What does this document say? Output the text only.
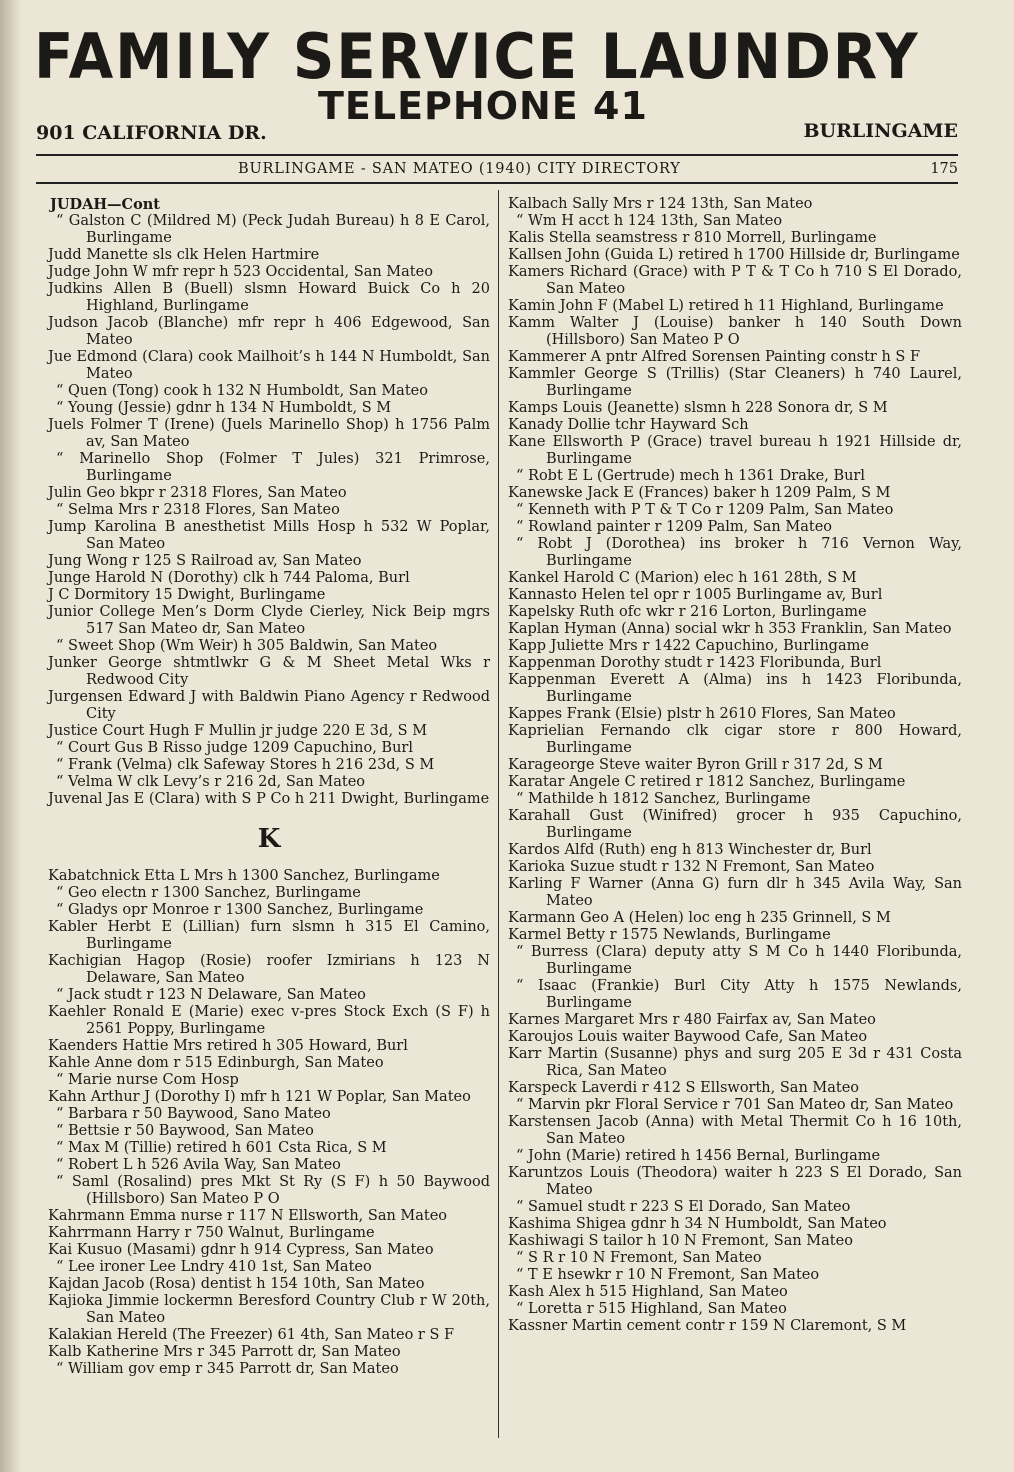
FAMILY SERVICE LAUNDRY
TELEPHONE 41
901 CALIFORNIA DR.	BURLINGAME
BURLINGAME - SAN MATEO (1940) CITY DIRECTORY	175
JUDAH—Cont
“ Galston C (Mildred M) (Peck Judah Bureau) h 8 E Carol, Burlingame
Judd Manette sls clk Helen Hartmire
Judge John W mfr repr h 523 Occidental, San Mateo
Judkins Allen B (Buell) slsmn Howard Buick Co h 20 Highland, Burlingame
Judson Jacob (Blanche) mfr repr h 406 Edgewood, San Mateo
Jue Edmond (Clara) cook Mailhoit’s h 144 N Humboldt, San Mateo
“ Quen (Tong) cook h 132 N Humboldt, San Mateo
“ Young (Jessie) gdnr h 134 N Humboldt, S M
Juels Folmer T (Irene) (Juels Marinello Shop) h 1756 Palm av, San Mateo
“ Marinello Shop (Folmer T Jules) 321 Primrose, Burlingame
Julin Geo bkpr r 2318 Flores, San Mateo
“ Selma Mrs r 2318 Flores, San Mateo
Jump Karolina B anesthetist Mills Hosp h 532 W Poplar, San Mateo
Jung Wong r 125 S Railroad av, San Mateo
Junge Harold N (Dorothy) clk h 744 Paloma, Burl
J C Dormitory 15 Dwight, Burlingame
Junior College Men’s Dorm Clyde Cierley, Nick Beip mgrs 517 San Mateo dr, San Mateo
“ Sweet Shop (Wm Weir) h 305 Baldwin, San Mateo
Junker George shtmtlwkr G & M Sheet Metal Wks r Redwood City
Jurgensen Edward J with Baldwin Piano Agency r Redwood City
Justice Court Hugh F Mullin jr judge 220 E 3d, S M
“ Court Gus B Risso judge 1209 Capuchino, Burl
“ Frank (Velma) clk Safeway Stores h 216 23d, S M
“ Velma W clk Levy’s r 216 2d, San Mateo
Juvenal Jas E (Clara) with S P Co h 211 Dwight, Burlingame
K
Kabatchnick Etta L Mrs h 1300 Sanchez, Burlingame
“ Geo electn r 1300 Sanchez, Burlingame
“ Gladys opr Monroe r 1300 Sanchez, Burlingame
Kabler Herbt E (Lillian) furn slsmn h 315 El Camino, Burlingame
Kachigian Hagop (Rosie) roofer Izmirians h 123 N Delaware, San Mateo
“ Jack studt r 123 N Delaware, San Mateo
Kaehler Ronald E (Marie) exec v-pres Stock Exch (S F) h 2561 Poppy, Burlingame
Kaenders Hattie Mrs retired h 305 Howard, Burl
Kahle Anne dom r 515 Edinburgh, San Mateo
“ Marie nurse Com Hosp
Kahn Arthur J (Dorothy I) mfr h 121 W Poplar, San Mateo
“ Barbara r 50 Baywood, Sano Mateo
“ Bettsie r 50 Baywood, San Mateo
“ Max M (Tillie) retired h 601 Csta Rica, S M
“ Robert L h 526 Avila Way, San Mateo
“ Saml (Rosalind) pres Mkt St Ry (S F) h 50 Baywood (Hillsboro) San Mateo P O
Kahrmann Emma nurse r 117 N Ellsworth, San Mateo
Kahrrmann Harry r 750 Walnut, Burlingame
Kai Kusuo (Masami) gdnr h 914 Cypress, San Mateo
“ Lee ironer Lee Lndry 410 1st, San Mateo
Kajdan Jacob (Rosa) dentist h 154 10th, San Mateo
Kajioka Jimmie lockermn Beresford Country Club r W 20th, San Mateo
Kalakian Hereld (The Freezer) 61 4th, San Mateo r S F
Kalb Katherine Mrs r 345 Parrott dr, San Mateo
“ William gov emp r 345 Parrott dr, San Mateo
Kalbach Sally Mrs r 124 13th, San Mateo
“ Wm H acct h 124 13th, San Mateo
Kalis Stella seamstress r 810 Morrell, Burlingame
Kallsen John (Guida L) retired h 1700 Hillside dr, Burlingame
Kamers Richard (Grace) with P T & T Co h 710 S El Dorado, San Mateo
Kamin John F (Mabel L) retired h 11 Highland, Burlingame
Kamm Walter J (Louise) banker h 140 South Down (Hillsboro) San Mateo P O
Kammerer A pntr Alfred Sorensen Painting constr h S F
Kammler George S (Trillis) (Star Cleaners) h 740 Laurel, Burlingame
Kamps Louis (Jeanette) slsmn h 228 Sonora dr, S M
Kanady Dollie tchr Hayward Sch
Kane Ellsworth P (Grace) travel bureau h 1921 Hillside dr, Burlingame
“ Robt E L (Gertrude) mech h 1361 Drake, Burl
Kanewske Jack E (Frances) baker h 1209 Palm, S M
“ Kenneth with P T & T Co r 1209 Palm, San Mateo
“ Rowland painter r 1209 Palm, San Mateo
“ Robt J (Dorothea) ins broker h 716 Vernon Way, Burlingame
Kankel Harold C (Marion) elec h 161 28th, S M
Kannasto Helen tel opr r 1005 Burlingame av, Burl
Kapelsky Ruth ofc wkr r 216 Lorton, Burlingame
Kaplan Hyman (Anna) social wkr h 353 Franklin, San Mateo
Kapp Juliette Mrs r 1422 Capuchino, Burlingame
Kappenman Dorothy studt r 1423 Floribunda, Burl
Kappenman Everett A (Alma) ins h 1423 Floribunda, Burlingame
Kappes Frank (Elsie) plstr h 2610 Flores, San Mateo
Kaprielian Fernando clk cigar store r 800 Howard, Burlingame
Karageorge Steve waiter Byron Grill r 317 2d, S M
Karatar Angele C retired r 1812 Sanchez, Burlingame
“ Mathilde h 1812 Sanchez, Burlingame
Karahall Gust (Winifred) grocer h 935 Capuchino, Burlingame
Kardos Alfd (Ruth) eng h 813 Winchester dr, Burl
Karioka Suzue studt r 132 N Fremont, San Mateo
Karling F Warner (Anna G) furn dlr h 345 Avila Way, San Mateo
Karmann Geo A (Helen) loc eng h 235 Grinnell, S M
Karmel Betty r 1575 Newlands, Burlingame
“ Burress (Clara) deputy atty S M Co h 1440 Floribunda, Burlingame
“ Isaac (Frankie) Burl City Atty h 1575 Newlands, Burlingame
Karnes Margaret Mrs r 480 Fairfax av, San Mateo
Karoujos Louis waiter Baywood Cafe, San Mateo
Karr Martin (Susanne) phys and surg 205 E 3d r 431 Costa Rica, San Mateo
Karspeck Laverdi r 412 S Ellsworth, San Mateo
“ Marvin pkr Floral Service r 701 San Mateo dr, San Mateo
Karstensen Jacob (Anna) with Metal Thermit Co h 16 10th, San Mateo
“ John (Marie) retired h 1456 Bernal, Burlingame
Karuntzos Louis (Theodora) waiter h 223 S El Dorado, San Mateo
“ Samuel studt r 223 S El Dorado, San Mateo
Kashima Shigea gdnr h 34 N Humboldt, San Mateo
Kashiwagi S tailor h 10 N Fremont, San Mateo
“ S R r 10 N Fremont, San Mateo
“ T E hsewkr r 10 N Fremont, San Mateo
Kash Alex h 515 Highland, San Mateo
“ Loretta r 515 Highland, San Mateo
Kassner Martin cement contr r 159 N Claremont, S M
